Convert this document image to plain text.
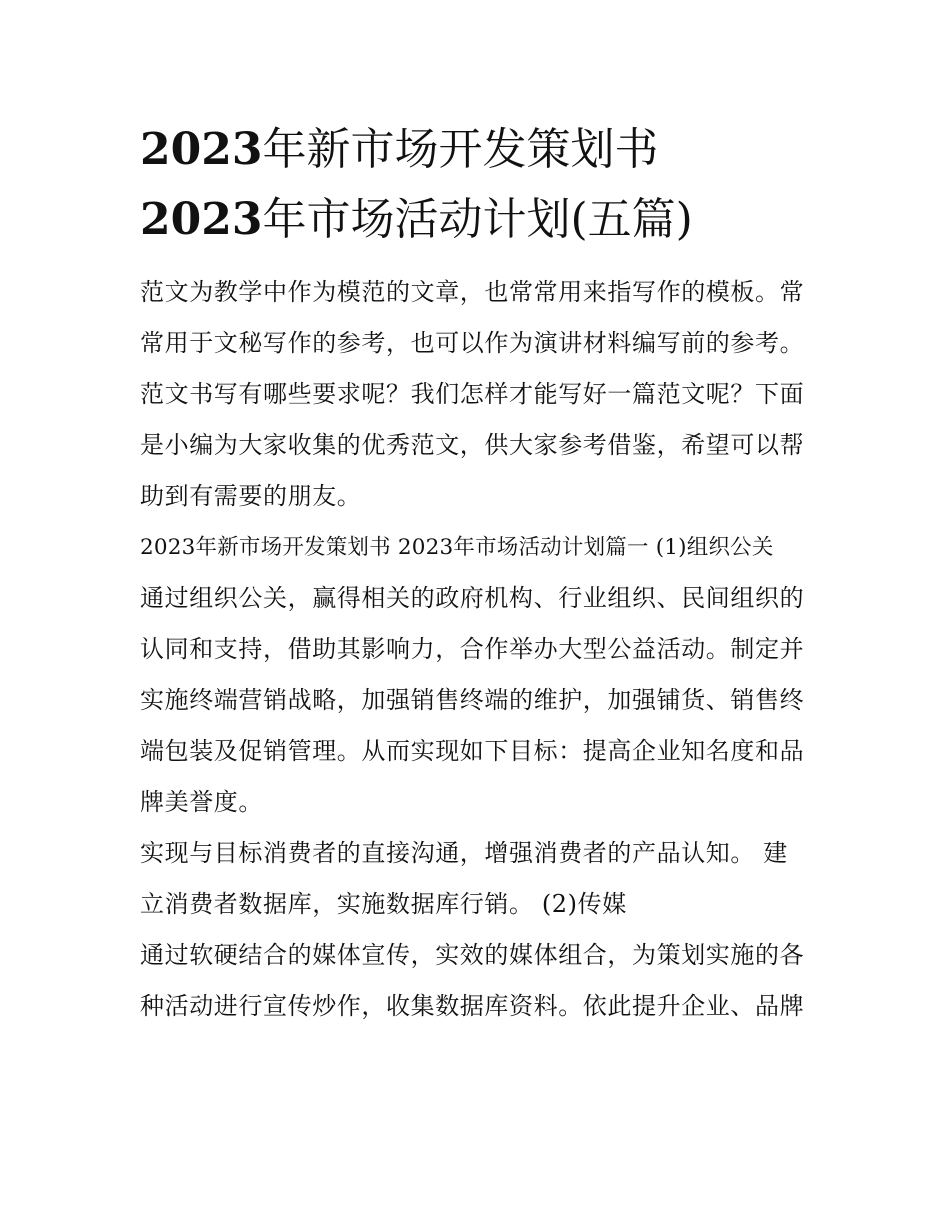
2023年新市场开发策划书
2023年市场活动计划(五篇)

范文为教学中作为模范的文章，也常常用来指写作的模板。常常用于文秘写作的参考，也可以作为演讲材料编写前的参考。范文书写有哪些要求呢？我们怎样才能写好一篇范文呢？下面是小编为大家收集的优秀范文，供大家参考借鉴，希望可以帮助到有需要的朋友。

2023年新市场开发策划书 2023年市场活动计划篇一 (1)组织公关

通过组织公关，赢得相关的政府机构、行业组织、民间组织的认同和支持，借助其影响力，合作举办大型公益活动。制定并实施终端营销战略，加强销售终端的维护，加强铺货、销售终端包装及促销管理。从而实现如下目标：提高企业知名度和品牌美誉度。

实现与目标消费者的直接沟通，增强消费者的产品认知。 建立消费者数据库，实施数据库行销。 (2)传媒

通过软硬结合的媒体宣传，实效的媒体组合，为策划实施的各种活动进行宣传炒作，收集数据库资料。依此提升企业、品牌
